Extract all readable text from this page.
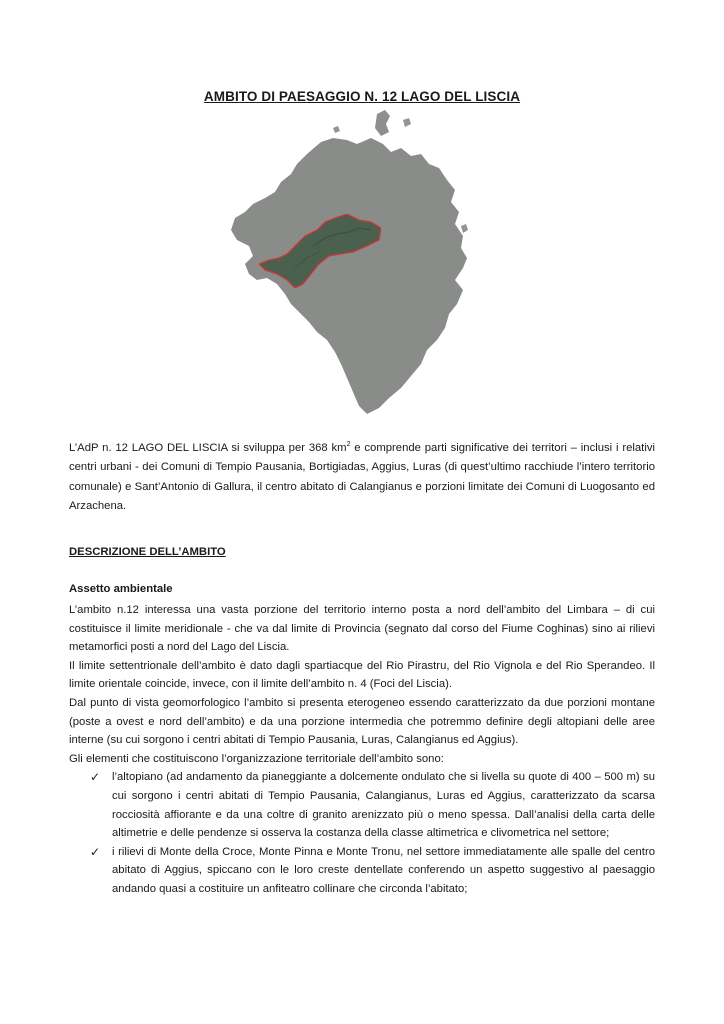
AMBITO DI PAESAGGIO N. 12 LAGO DEL LISCIA
L’AdP n. 12 LAGO DEL LISCIA si sviluppa per 368 $km^2$ e comprende parti significative dei territori – inclusi i relativi centri urbani - dei Comuni di Tempio Pausania, Bortigiadas, Aggius, Luras (di quest’ultimo racchiude l’intero territorio comunale) e Sant’Antonio di Gallura, il centro abitato di Calangianus e porzioni limitate dei Comuni di Luogosanto ed Arzachena.
DESCRIZIONE DELL’AMBITO
Assetto ambientale

L’ambito n.12 interessa una vasta porzione del territorio interno posta a nord dell’ambito del Limbara – di cui costituisce il limite meridionale - che va dal limite di Provincia (segnato dal corso del Fiume Coghinas) sino ai rilievi metamorfici posti a nord del Lago del Liscia.

Il limite settentrionale dell’ambito è dato dagli spartiacque del Rio Pirastru, del Rio Vignola e del Rio Sperandeo. Il limite orientale coincide, invece, con il limite dell’ambito n. 4 (Foci del Liscia).

Dal punto di vista geomorfologico l’ambito si presenta eterogeneo essendo caratterizzato da due porzioni montane (poste a ovest e nord dell’ambito) e da una porzione intermedia che potremmo definire degli altopiani delle aree interne (su cui sorgono i centri abitati di Tempio Pausania, Luras, Calangianus ed Aggius).

Gli elementi che costituiscono l’organizzazione territoriale dell’ambito sono:

✓ l’altopiano (ad andamento da pianeggiante a dolcemente ondulato che si livella su quote di 400 – 500 m) su cui sorgono i centri abitati di Tempio Pausania, Calangianus, Luras ed Aggius, caratterizzato da scarsa rocciosità affiorante e da una coltre di granito arenizzato più o meno spessa. Dall’analisi della carta delle altimetrie e delle pendenze si osserva la costanza della classe altimetrica e clivometrica nel settore;
✓ i rilievi di Monte della Croce, Monte Pinna e Monte Tronu, nel settore immediatamente alle spalle del centro abitato di Aggius, spiccano con le loro creste dentellate conferendo un aspetto suggestivo al paesaggio andando quasi a costituire un anfiteatro collinare che circonda l’abitato;
